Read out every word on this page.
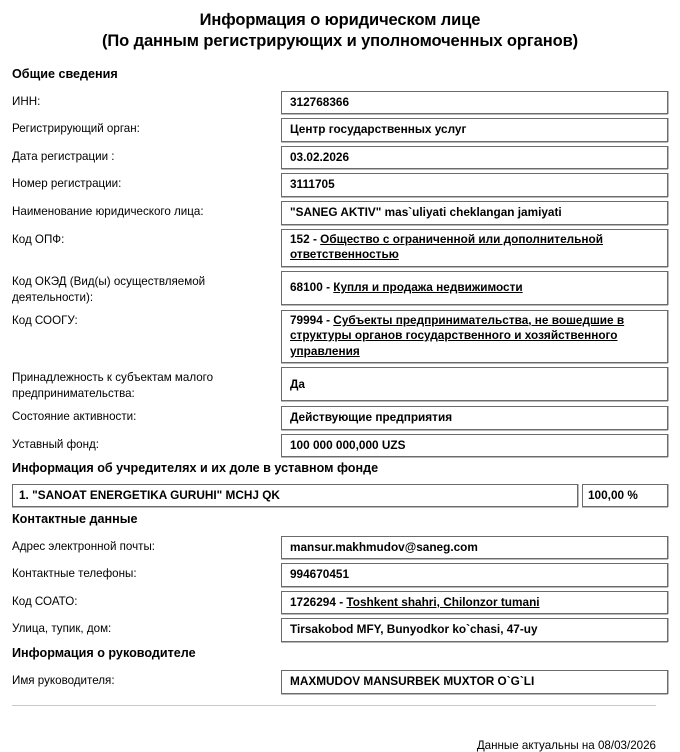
Информация о юридическом лице
(По данным регистрирующих и уполномоченных органов)
Общие сведения
ИНН:	312768366
Регистрирующий орган:	Центр государственных услуг
Дата регистрации :	03.02.2026
Номер регистрации:	3111705
Наименование юридического лица:	"SANEG AKTIV" mas`uliyati cheklangan jamiyati
Код ОПФ:	152 - Общество с ограниченной или дополнительной ответственностью
Код ОКЭД (Вид(ы) осуществляемой деятельности):
68100 - Купля и продажа недвижимости
Код СООГУ:	79994 - Субъекты предпринимательства, не вошедшие в структуры органов государственного и хозяйственного управления
Принадлежность к субъектам малого предпринимательства:
Да
Состояние активности:	Действующие предприятия
Уставный фонд:	100 000 000,000 UZS
Информация об учредителях и их доле в уставном фонде
1. "SANOAT ENERGETIKA GURUHI" MCHJ QK	100,00 %
Контактные данные
Адрес электронной почты:	mansur.makhmudov@saneg.com
Контактные телефоны:	994670451
Код СОАТО:	1726294 - Toshkent shahri, Chilonzor tumani
Улица, тупик, дом:	Tirsakobod MFY, Bunyodkor ko`chasi, 47-uy
Информация о руководителе
Имя руководителя:	MAXMUDOV MANSURBEK MUXTOR O`G`LI
Данные актуальны на 08/03/2026
